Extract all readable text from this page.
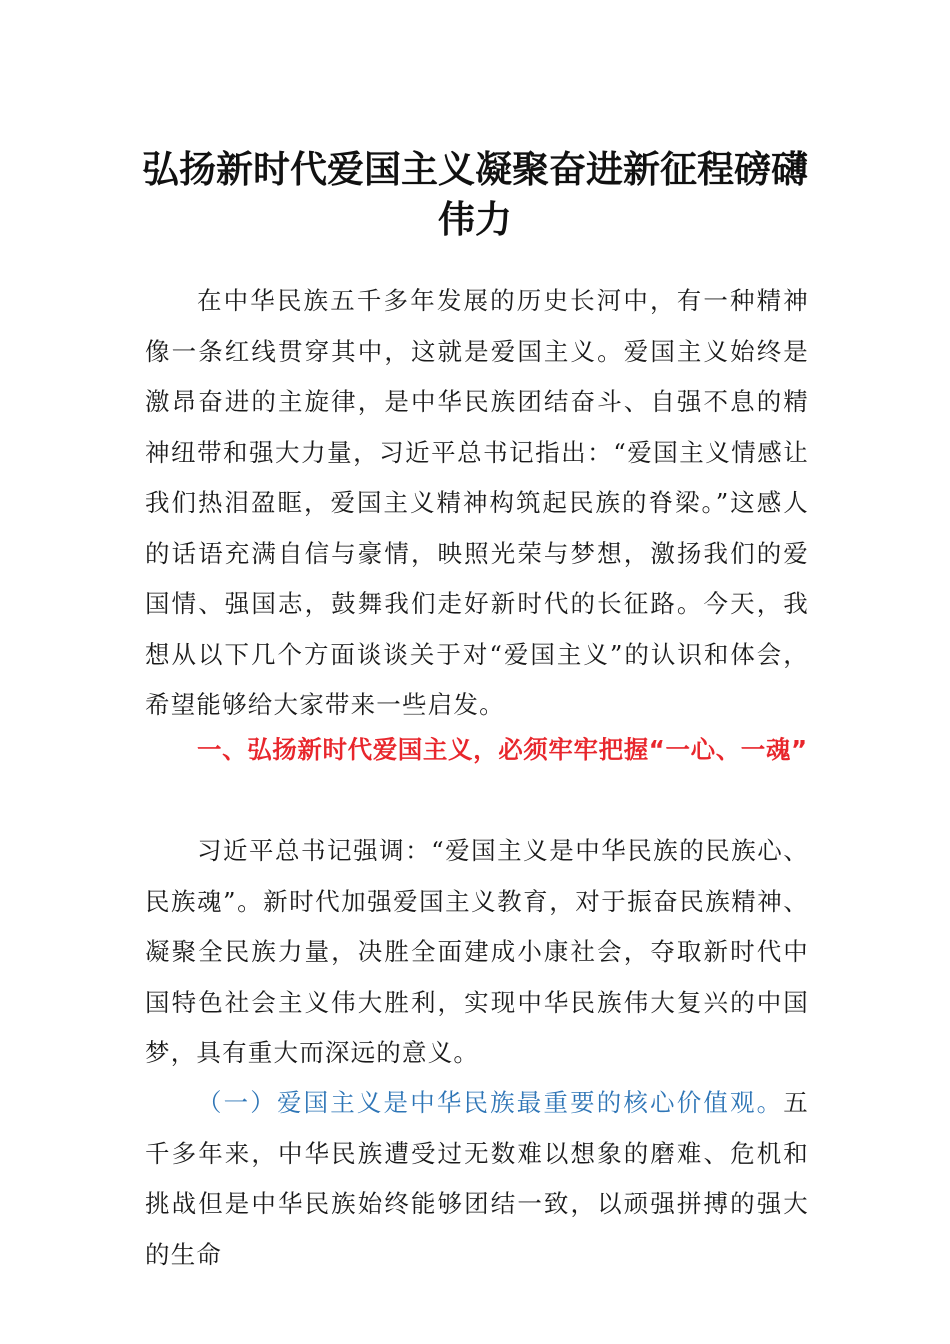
弘扬新时代爱国主义凝聚奋进新征程磅礴
伟力

在中华民族五千多年发展的历史长河中，有一种精神像一条红线贯穿其中，这就是爱国主义。爱国主义始终是激昂奋进的主旋律，是中华民族团结奋斗、自强不息的精神纽带和强大力量，习近平总书记指出：“爱国主义情感让我们热泪盈眶，爱国主义精神构筑起民族的脊梁。”这感人的话语充满自信与豪情，映照光荣与梦想，激扬我们的爱国情、强国志，鼓舞我们走好新时代的长征路。今天，我想从以下几个方面谈谈关于对“爱国主义”的认识和体会，希望能够给大家带来一些启发。

一、弘扬新时代爱国主义，必须牢牢把握“一心、一魂”

习近平总书记强调：“爱国主义是中华民族的民族心、民族魂”。新时代加强爱国主义教育，对于振奋民族精神、凝聚全民族力量，决胜全面建成小康社会，夺取新时代中国特色社会主义伟大胜利，实现中华民族伟大复兴的中国梦，具有重大而深远的意义。

（一）爱国主义是中华民族最重要的核心价值观。五千多年来，中华民族遭受过无数难以想象的磨难、危机和挑战但是中华民族始终能够团结一致，以顽强拼搏的强大的生命
